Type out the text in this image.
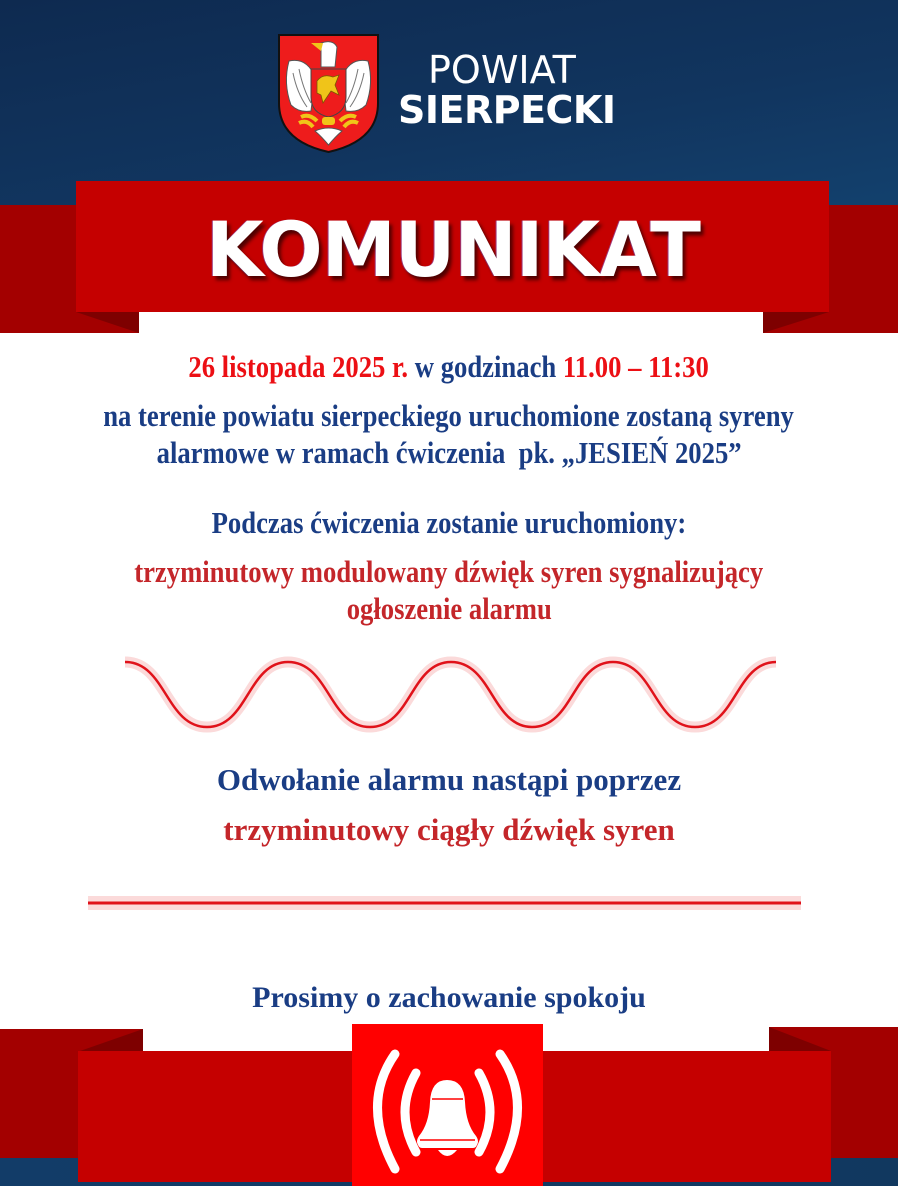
POWIAT
SIERPECKI
KOMUNIKAT
26 listopada 2025 r. w godzinach 11.00 – 11:30
na terenie powiatu sierpeckiego uruchomione zostaną syreny
alarmowe w ramach ćwiczenia  pk. „JESIEŃ 2025”
Podczas ćwiczenia zostanie uruchomiony:
trzyminutowy modulowany dźwięk syren sygnalizujący
ogłoszenie alarmu
Odwołanie alarmu nastąpi poprzez
trzyminutowy ciągły dźwięk syren
Prosimy o zachowanie spokoju
